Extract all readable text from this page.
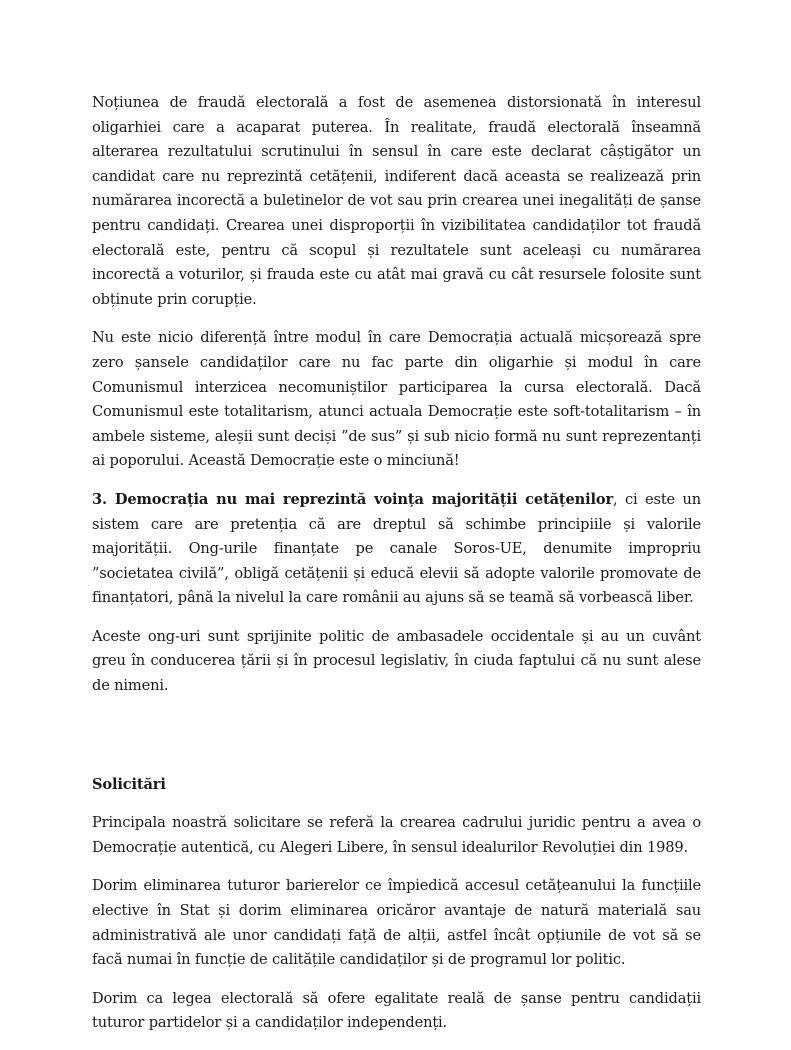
Noțiunea de fraudă electorală a fost de asemenea distorsionată în interesul oligarhiei care a acaparat puterea. În realitate, fraudă electorală înseamnă alterarea rezultatului scrutinului în sensul în care este declarat câștigător un candidat care nu reprezintă cetățenii, indiferent dacă aceasta se realizează prin numărarea incorectă a buletinelor de vot sau prin crearea unei inegalități de șanse pentru candidați. Crearea unei disproporții în vizibilitatea candidaților tot fraudă electorală este, pentru că scopul și rezultatele sunt aceleași cu numărarea incorectă a voturilor, și frauda este cu atât mai gravă cu cât resursele folosite sunt obținute prin corupție.

Nu este nicio diferență între modul în care Democrația actuală micșorează spre zero șansele candidaților care nu fac parte din oligarhie și modul în care Comunismul interzicea necomuniștilor participarea la cursa electorală. Dacă Comunismul este totalitarism, atunci actuala Democrație este soft-totalitarism – în ambele sisteme, aleșii sunt deciși ”de sus” și sub nicio formă nu sunt reprezentanți ai poporului. Această Democrație este o minciună!

3. Democrația nu mai reprezintă voința majorității cetățenilor, ci este un sistem care are pretenția că are dreptul să schimbe principiile și valorile majorității. Ong-urile finanțate pe canale Soros-UE, denumite impropriu ”societatea civilă”, obligă cetățenii și educă elevii să adopte valorile promovate de finanțatori, până la nivelul la care românii au ajuns să se teamă să vorbească liber.

Aceste ong-uri sunt sprijinite politic de ambasadele occidentale și au un cuvânt greu în conducerea țării și în procesul legislativ, în ciuda faptului că nu sunt alese de nimeni.

Solicitări

Principala noastră solicitare se referă la crearea cadrului juridic pentru a avea o Democrație autentică, cu Alegeri Libere, în sensul idealurilor Revoluției din 1989.

Dorim eliminarea tuturor barierelor ce împiedică accesul cetățeanului la funcțiile elective în Stat și dorim eliminarea oricăror avantaje de natură materială sau administrativă ale unor candidați față de alții, astfel încât opțiunile de vot să se facă numai în funcție de calitățile candidaților și de programul lor politic.

Dorim ca legea electorală să ofere egalitate reală de șanse pentru candidații tuturor partidelor și a candidaților independenți.
